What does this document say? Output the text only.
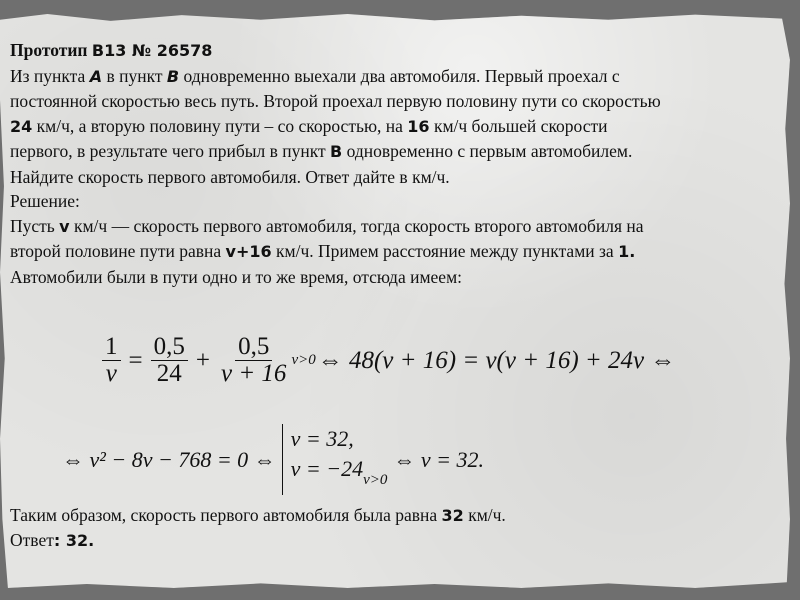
Прототип B13 № 26578

Из пункта A в пункт B одновременно выехали два автомобиля. Первый проехал с

постоянной скоростью весь путь. Второй проехал первую половину пути со скоростью

24 км/ч, а вторую половину пути – со скоростью, на 16 км/ч большей скорости

первого, в результате чего прибыл в пункт B одновременно с первым автомобилем.

Найдите скорость первого автомобиля. Ответ дайте в км/ч.

Решение:

Пусть v км/ч — скорость первого автомобиля, тогда скорость второго автомобиля на

второй половине пути равна v+16 км/ч. Примем расстояние между пунктами за 1.

Автомобили были в пути одно и то же время, отсюда имеем:

$\frac{1}{v} = \frac{0,5}{24} + \frac{0,5}{v + 16} v>0$ ⇔ 48(v + 16) = v(v + 16) + 24v ⇔
⇔ v² − 8v − 768 = 0 ⇔
v = 32,
$v = -24_{v>0}$
⇔ v = 32.

Таким образом, скорость первого автомобиля была равна 32 км/ч.

Ответ: 32.
